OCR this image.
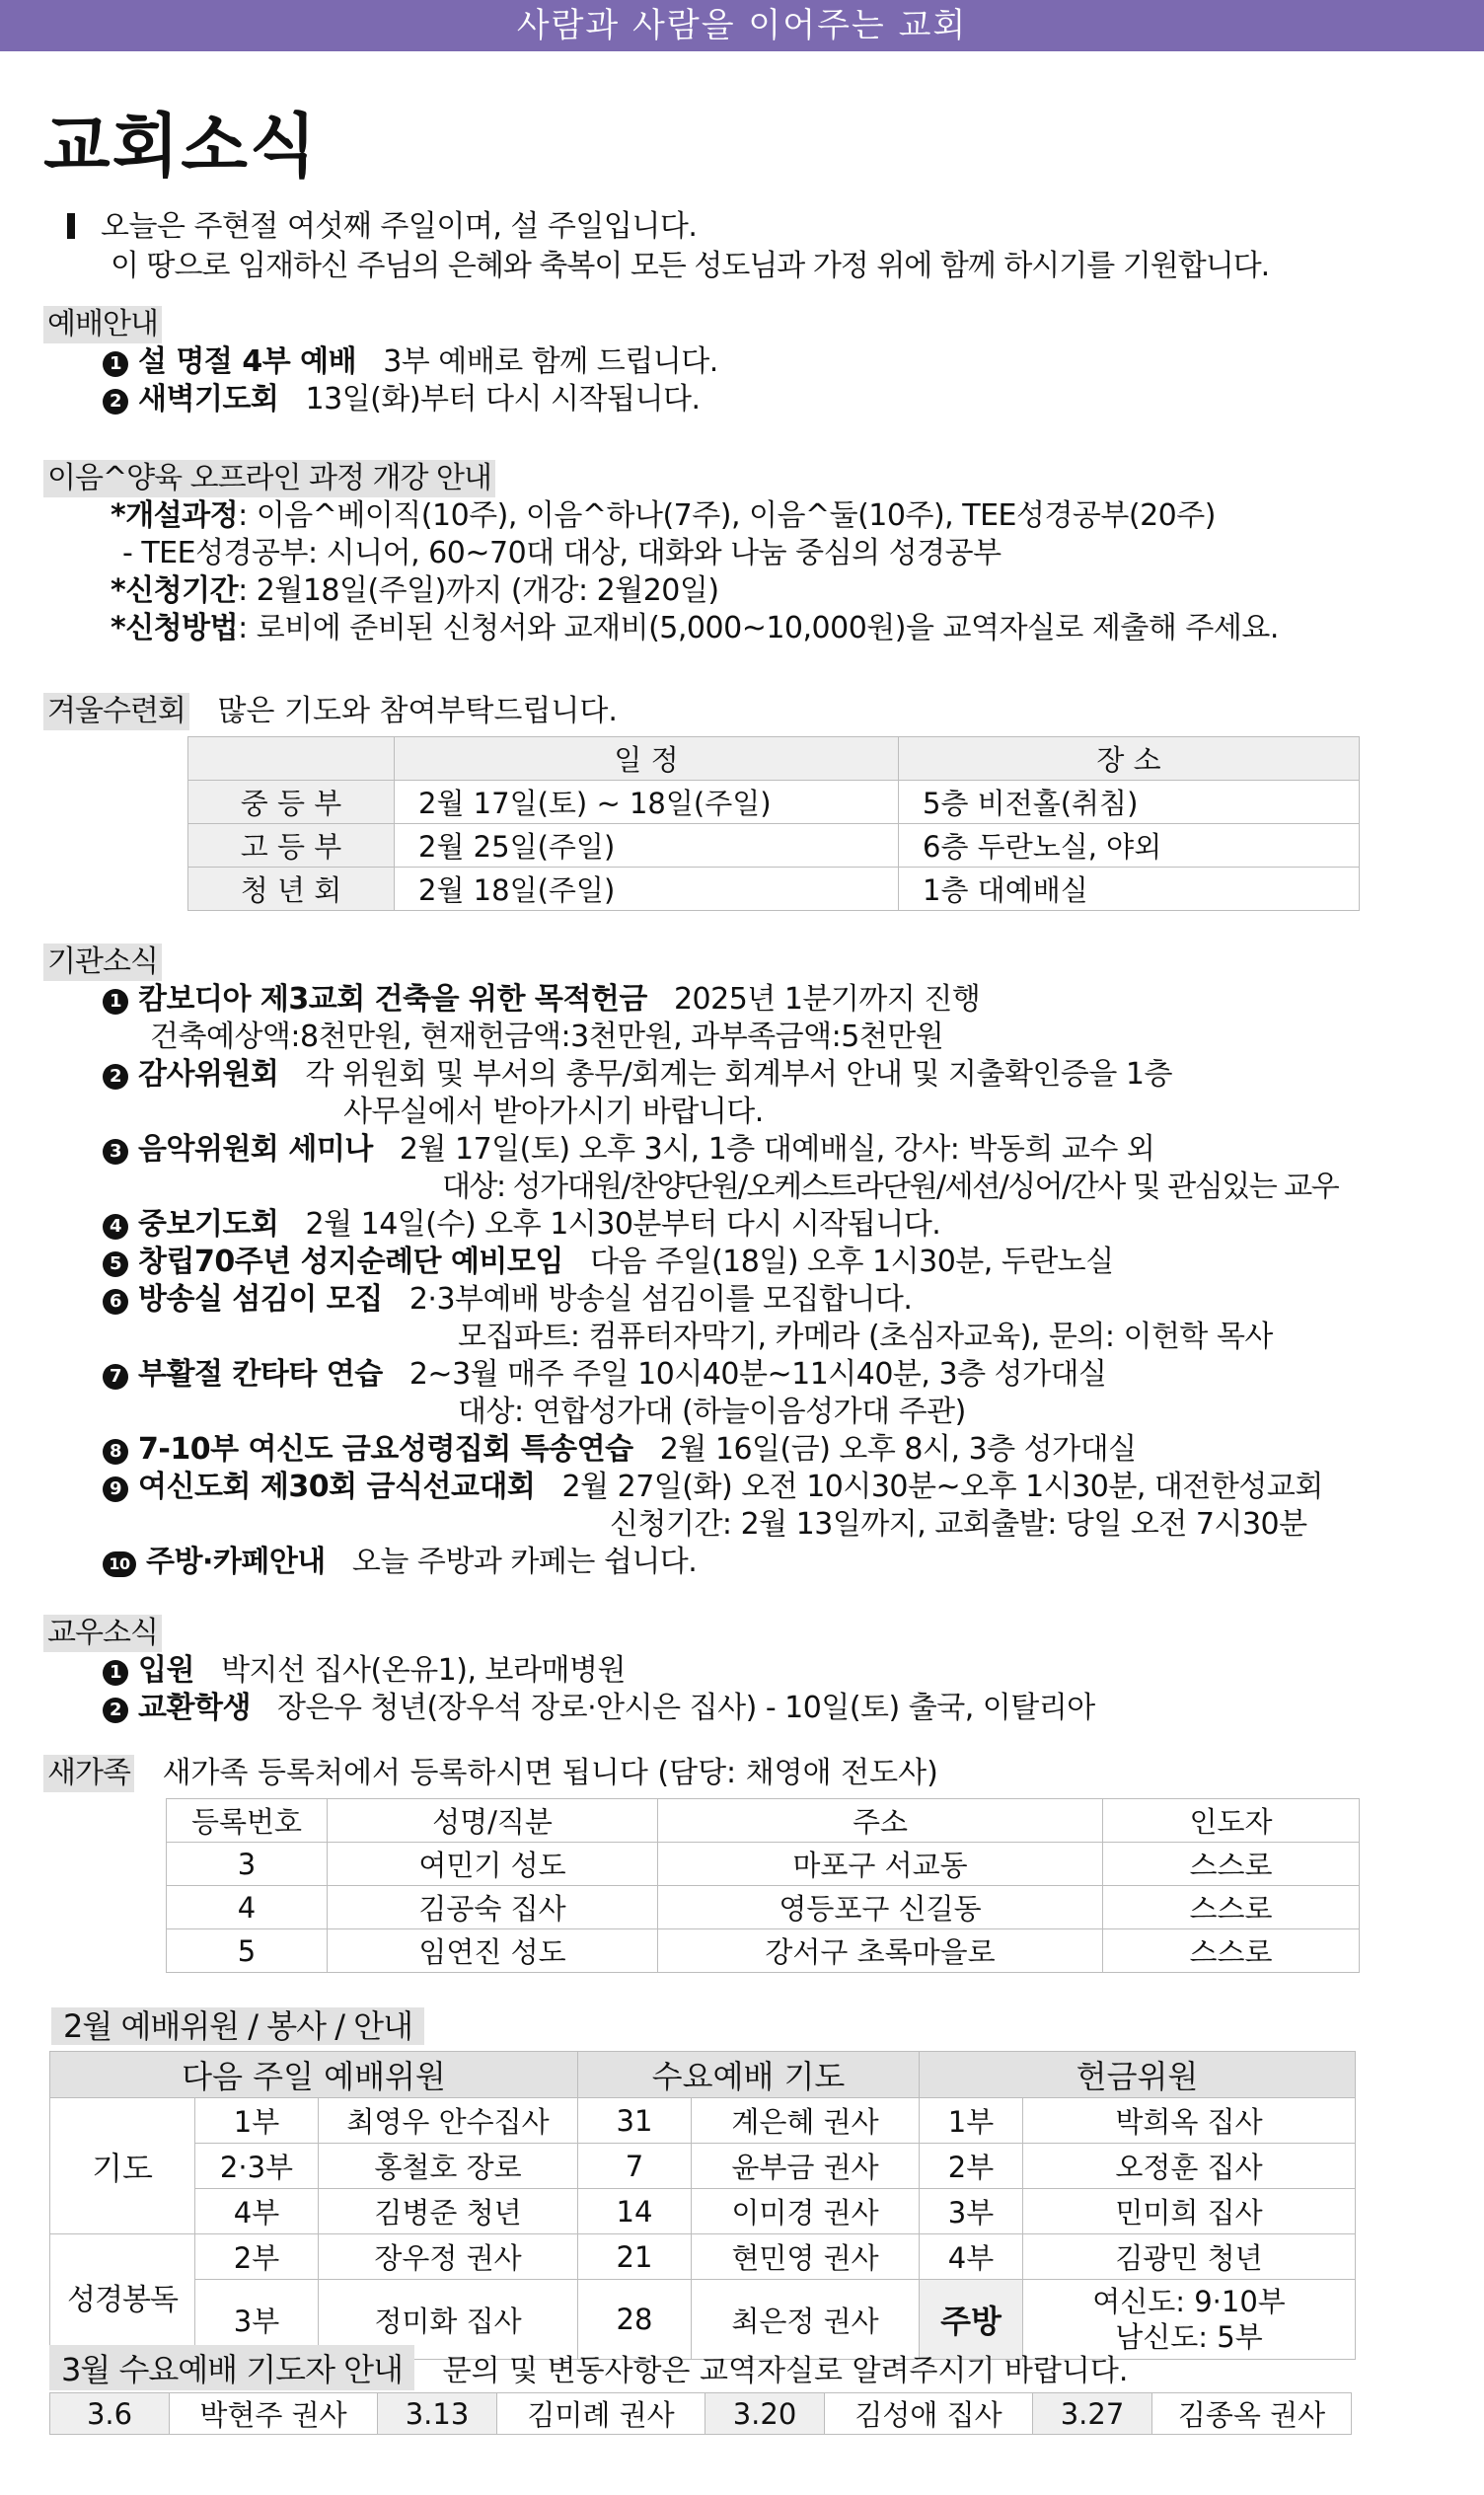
사람과 사람을 이어주는 교회
교회소식
오늘은 주현절 여섯째 주일이며, 설 주일입니다.
이 땅으로 임재하신 주님의 은혜와 축복이 모든 성도님과 가정 위에 함께 하시기를 기원합니다.
예배안내
1 설 명절 4부 예배 3부 예배로 함께 드립니다.
2 새벽기도회 13일(화)부터 다시 시작됩니다.
이음^양육 오프라인 과정 개강 안내
*개설과정: 이음^베이직(10주), 이음^하나(7주), 이음^둘(10주), TEE성경공부(20주)
- TEE성경공부: 시니어, 60~70대 대상, 대화와 나눔 중심의 성경공부
*신청기간: 2월18일(주일)까지 (개강: 2월20일)
*신청방법: 로비에 준비된 신청서와 교재비(5,000~10,000원)을 교역자실로 제출해 주세요.
겨울수련회 많은 기도와 참여부탁드립니다.
	일 정	장 소
중 등 부	2월 17일(토) ~ 18일(주일)	5층 비전홀(취침)
고 등 부	2월 25일(주일)	6층 두란노실, 야외
청 년 회	2월 18일(주일)	1층 대예배실
기관소식
1 캄보디아 제3교회 건축을 위한 목적헌금 2025년 1분기까지 진행
건축예상액:8천만원, 현재헌금액:3천만원, 과부족금액:5천만원
2 감사위원회 각 위원회 및 부서의 총무/회계는 회계부서 안내 및 지출확인증을 1층
사무실에서 받아가시기 바랍니다.
3 음악위원회 세미나 2월 17일(토) 오후 3시, 1층 대예배실, 강사: 박동희 교수 외
대상: 성가대원/찬양단원/오케스트라단원/세션/싱어/간사 및 관심있는 교우
4 중보기도회 2월 14일(수) 오후 1시30분부터 다시 시작됩니다.
5 창립70주년 성지순례단 예비모임 다음 주일(18일) 오후 1시30분, 두란노실
6 방송실 섬김이 모집 2·3부예배 방송실 섬김이를 모집합니다.
모집파트: 컴퓨터자막기, 카메라 (초심자교육), 문의: 이헌학 목사
7 부활절 칸타타 연습 2~3월 매주 주일 10시40분~11시40분, 3층 성가대실
대상: 연합성가대 (하늘이음성가대 주관)
8 7-10부 여신도 금요성령집회 특송연습 2월 16일(금) 오후 8시, 3층 성가대실
9 여신도회 제30회 금식선교대회 2월 27일(화) 오전 10시30분~오후 1시30분, 대전한성교회
신청기간: 2월 13일까지, 교회출발: 당일 오전 7시30분
10 주방·카페안내 오늘 주방과 카페는 쉽니다.
교우소식
1 입원 박지선 집사(온유1), 보라매병원
2 교환학생 장은우 청년(장우석 장로·안시은 집사) - 10일(토) 출국, 이탈리아
새가족 새가족 등록처에서 등록하시면 됩니다 (담당: 채영애 전도사)
등록번호	성명/직분	주소	인도자
3	여민기 성도	마포구 서교동	스스로
4	김공숙 집사	영등포구 신길동	스스로
5	임연진 성도	강서구 초록마을로	스스로
2월 예배위원 / 봉사 / 안내
다음 주일 예배위원			수요예배 기도		헌금위원	
기도	1부	최영우 안수집사	31	계은혜 권사	1부	박희옥 집사
	2·3부	홍철호 장로	7	윤부금 권사	2부	오정훈 집사
	4부	김병준 청년	14	이미경 권사	3부	민미희 집사
성경봉독	2부	장우정 권사	21	현민영 권사	4부	김광민 청년
	3부	정미화 집사	28	최은정 권사	주방	여신도: 9·10부
남신도: 5부
3월 수요예배 기도자 안내 문의 및 변동사항은 교역자실로 알려주시기 바랍니다.
3.6	박현주 권사	3.13	김미례 권사	3.20	김성애 집사	3.27	김종옥 권사
